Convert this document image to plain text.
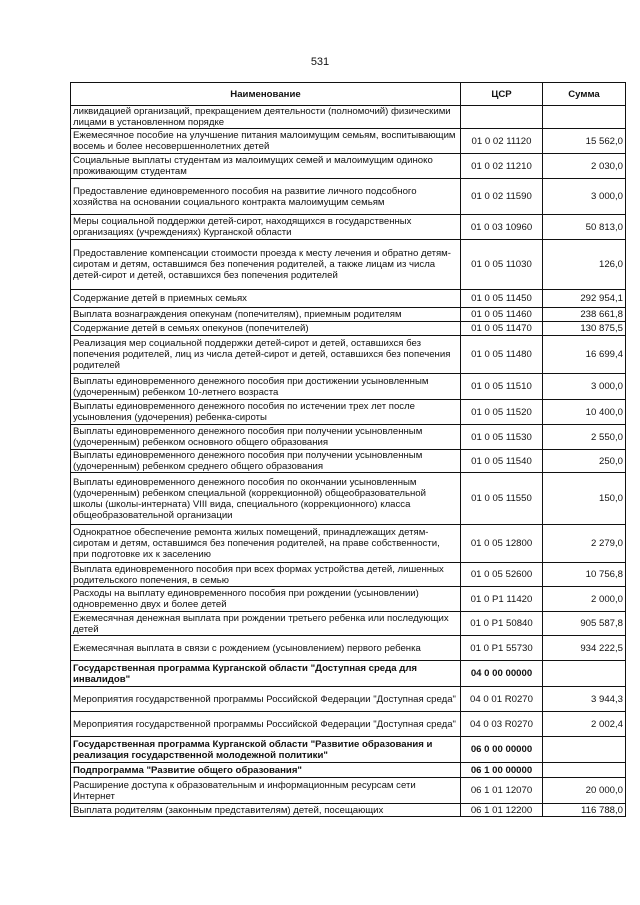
531
Наименование	ЦСР	Сумма
ликвидацией организаций, прекращением деятельности (полномочий) физическими лицами в установленном порядке		
Ежемесячное пособие на улучшение питания малоимущим семьям, воспитывающим восемь и более несовершеннолетних детей	01 0 02 11120	15 562,0
Социальные выплаты студентам из малоимущих семей и малоимущим одиноко проживающим студентам	01 0 02 11210	2 030,0
Предоставление единовременного пособия на развитие личного подсобного хозяйства на основании социального контракта малоимущим семьям	01 0 02 11590	3 000,0
Меры социальной поддержки детей-сирот, находящихся в государственных организациях (учреждениях) Курганской области	01 0 03 10960	50 813,0
Предоставление компенсации стоимости проезда к месту лечения и обратно детям-сиротам и детям, оставшимся без попечения родителей, а также лицам из числа детей-сирот и детей, оставшихся без попечения родителей	01 0 05 11030	126,0
Содержание детей в приемных семьях	01 0 05 11450	292 954,1
Выплата вознаграждения опекунам (попечителям), приемным родителям	01 0 05 11460	238 661,8
Содержание детей в семьях опекунов (попечителей)	01 0 05 11470	130 875,5
Реализация мер социальной поддержки детей-сирот и детей, оставшихся без попечения родителей, лиц из числа детей-сирот и детей, оставшихся без попечения родителей	01 0 05 11480	16 699,4
Выплаты единовременного денежного пособия при достижении усыновленным (удочеренным) ребенком 10-летнего возраста	01 0 05 11510	3 000,0
Выплаты единовременного денежного пособия по истечении трех лет после усыновления (удочерения) ребенка-сироты	01 0 05 11520	10 400,0
Выплаты единовременного денежного пособия при получении усыновленным (удочеренным) ребенком основного общего образования	01 0 05 11530	2 550,0
Выплаты единовременного денежного пособия при получении усыновленным (удочеренным) ребенком среднего общего образования	01 0 05 11540	250,0
Выплаты единовременного денежного пособия по окончании усыновленным (удочеренным) ребенком специальной (коррекционной) общеобразовательной школы (школы-интерната) VIII вида, специального (коррекционного) класса общеобразовательной организации	01 0 05 11550	150,0
Однократное обеспечение ремонта жилых помещений, принадлежащих детям-сиротам и детям, оставшимся без попечения родителей, на праве собственности, при подготовке их к заселению	01 0 05 12800	2 279,0
Выплата единовременного пособия при всех формах устройства детей, лишенных родительского попечения, в семью	01 0 05 52600	10 756,8
Расходы на выплату единовременного пособия при рождении (усыновлении) одновременно двух и более детей	01 0 P1 11420	2 000,0
Ежемесячная денежная выплата при рождении третьего ребенка или последующих детей	01 0 P1 50840	905 587,8
Ежемесячная выплата в связи с рождением (усыновлением) первого ребенка	01 0 P1 55730	934 222,5
Государственная программа Курганской области "Доступная среда для инвалидов"	04 0 00 00000	
Мероприятия государственной программы Российской Федерации "Доступная среда"	04 0 01 R0270	3 944,3
Мероприятия государственной программы Российской Федерации "Доступная среда"	04 0 03 R0270	2 002,4
Государственная программа Курганской области "Развитие образования и реализация государственной молодежной политики"	06 0 00 00000	
Подпрограмма "Развитие общего образования"	06 1 00 00000	
Расширение доступа к образовательным и информационным ресурсам сети Интернет	06 1 01 12070	20 000,0
Выплата родителям (законным представителям) детей, посещающих	06 1 01 12200	116 788,0
